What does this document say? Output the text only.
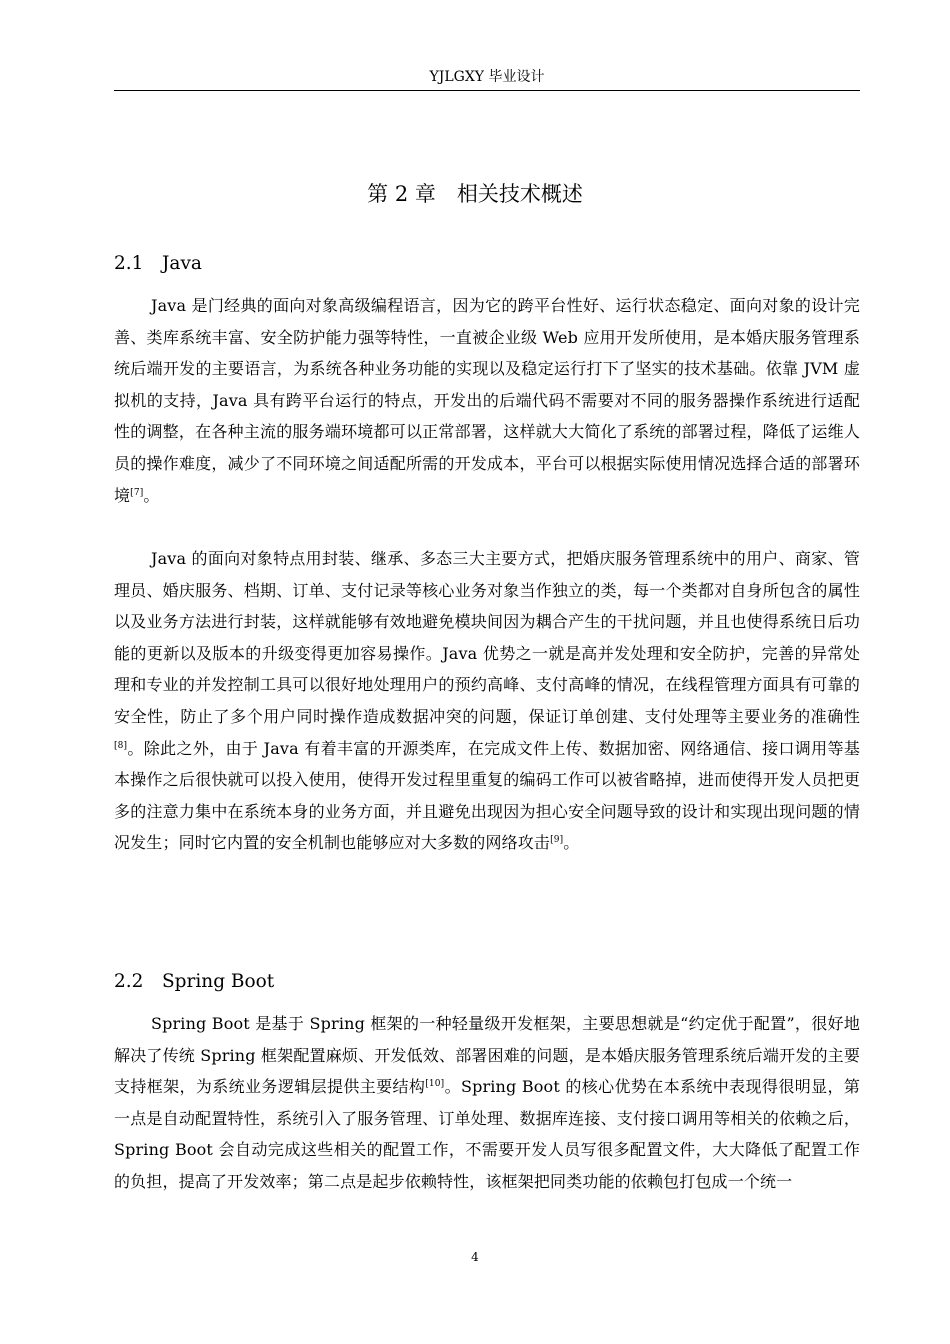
YJLGXY 毕业设计
第 2 章　相关技术概述
2.1 Java

Java 是门经典的面向对象高级编程语言，因为它的跨平台性好、运行状态稳定、面向对象的设计完善、类库系统丰富、安全防护能力强等特性，一直被企业级 Web 应用开发所使用，是本婚庆服务管理系统后端开发的主要语言，为系统各种业务功能的实现以及稳定运行打下了坚实的技术基础。依靠 JVM 虚拟机的支持，Java 具有跨平台运行的特点，开发出的后端代码不需要对不同的服务器操作系统进行适配性的调整，在各种主流的服务端环境都可以正常部署，这样就大大简化了系统的部署过程，降低了运维人员的操作难度，减少了不同环境之间适配所需的开发成本，平台可以根据实际使用情况选择合适的部署环境[7]。

Java 的面向对象特点用封装、继承、多态三大主要方式，把婚庆服务管理系统中的用户、商家、管理员、婚庆服务、档期、订单、支付记录等核心业务对象当作独立的类，每一个类都对自身所包含的属性以及业务方法进行封装，这样就能够有效地避免模块间因为耦合产生的干扰问题，并且也使得系统日后功能的更新以及版本的升级变得更加容易操作。Java 优势之一就是高并发处理和安全防护，完善的异常处理和专业的并发控制工具可以很好地处理用户的预约高峰、支付高峰的情况，在线程管理方面具有可靠的安全性，防止了多个用户同时操作造成数据冲突的问题，保证订单创建、支付处理等主要业务的准确性[8]。除此之外，由于 Java 有着丰富的开源类库，在完成文件上传、数据加密、网络通信、接口调用等基本操作之后很快就可以投入使用，使得开发过程里重复的编码工作可以被省略掉，进而使得开发人员把更多的注意力集中在系统本身的业务方面，并且避免出现因为担心安全问题导致的设计和实现出现问题的情况发生；同时它内置的安全机制也能够应对大多数的网络攻击[9]。

2.2 Spring Boot

Spring Boot 是基于 Spring 框架的一种轻量级开发框架，主要思想就是“约定优于配置”，很好地解决了传统 Spring 框架配置麻烦、开发低效、部署困难的问题，是本婚庆服务管理系统后端开发的主要支持框架，为系统业务逻辑层提供主要结构[10]。Spring Boot 的核心优势在本系统中表现得很明显，第一点是自动配置特性，系统引入了服务管理、订单处理、数据库连接、支付接口调用等相关的依赖之后，Spring Boot 会自动完成这些相关的配置工作，不需要开发人员写很多配置文件，大大降低了配置工作的负担，提高了开发效率；第二点是起步依赖特性，该框架把同类功能的依赖包打包成一个统一

4
